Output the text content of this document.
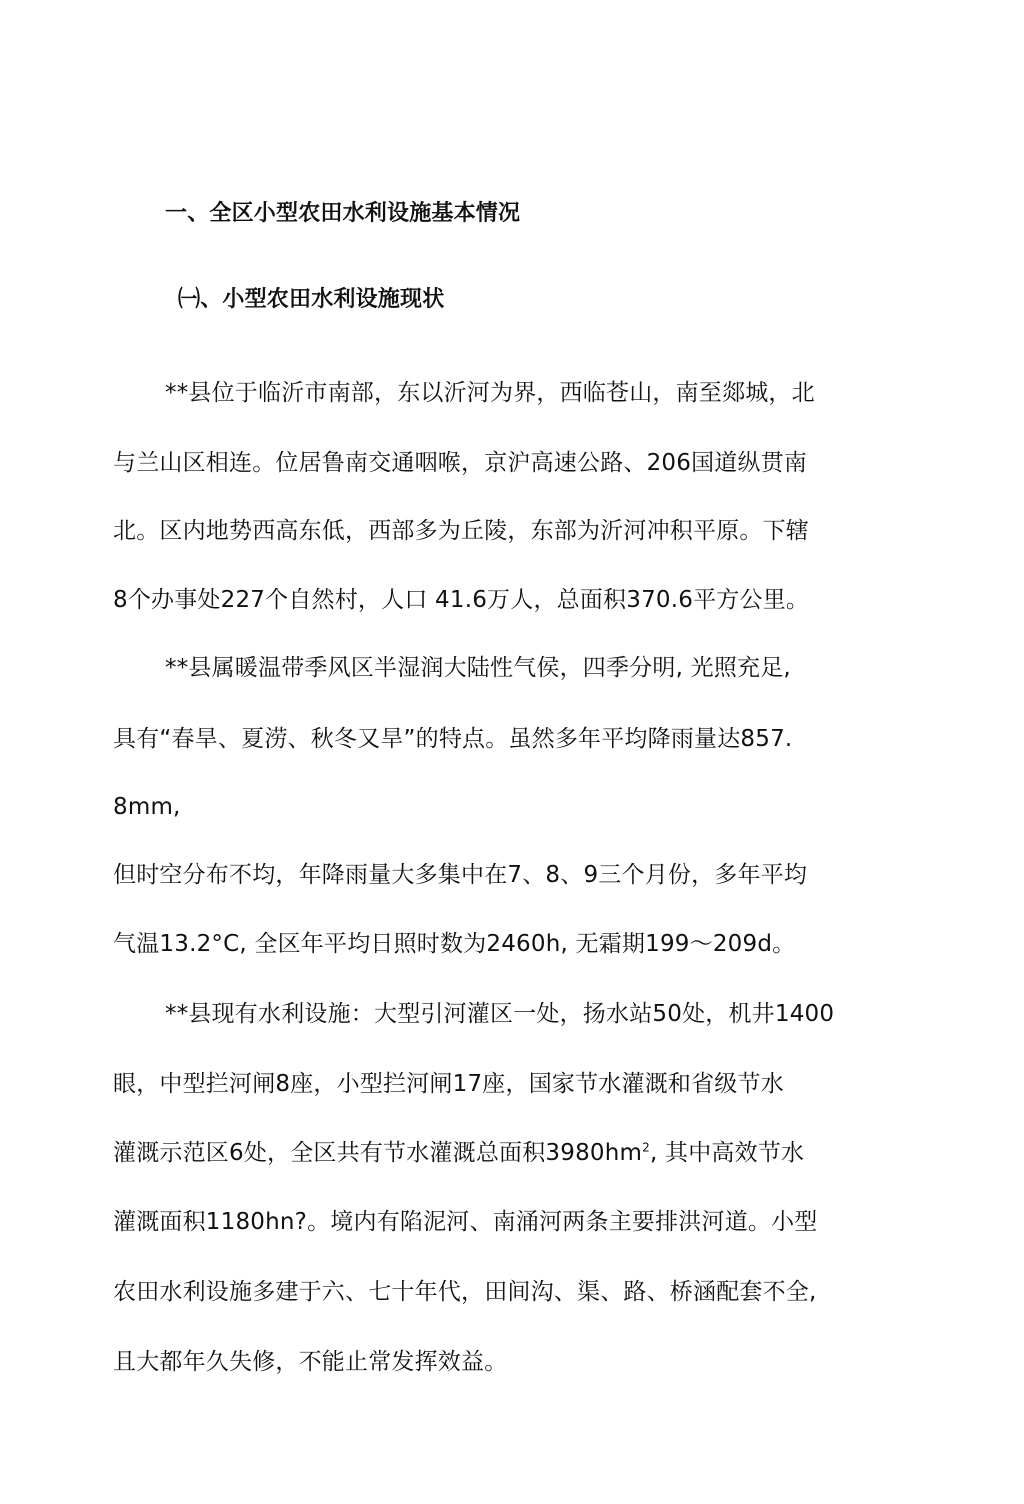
一、全区小型农田水利设施基本情况
㈠、小型农田水利设施现状
**县位于临沂市南部，东以沂河为界，西临苍山，南至郯城，北
与兰山区相连。位居鲁南交通咽喉，京沪高速公路、206国道纵贯南
北。区内地势西高东低，西部多为丘陵，东部为沂河冲积平原。下辖
8个办事处227个自然村，人口 41.6万人，总面积370.6平方公里。
**县属暖温带季风区半湿润大陆性气侯，四季分明, 光照充足,
具有“春旱、夏涝、秋冬又旱”的特点。虽然多年平均降雨量达857.
8mm,
但时空分布不均，年降雨量大多集中在7、8、9三个月份，多年平均
气温13.2°C, 全区年平均日照时数为2460h, 无霜期199～209d。
**县现有水利设施：大型引河灌区一处，扬水站50处，机井1400
眼，中型拦河闸8座，小型拦河闸17座，国家节水灌溉和省级节水
灌溉示范区6处，全区共有节水灌溉总面积$3980hm^2$, 其中高效节水
灌溉面积1180hn?。境内有陷泥河、南涌河两条主要排洪河道。小型
农田水利设施多建于六、七十年代，田间沟、渠、路、桥涵配套不全,
且大都年久失修，不能止常发挥效益。
